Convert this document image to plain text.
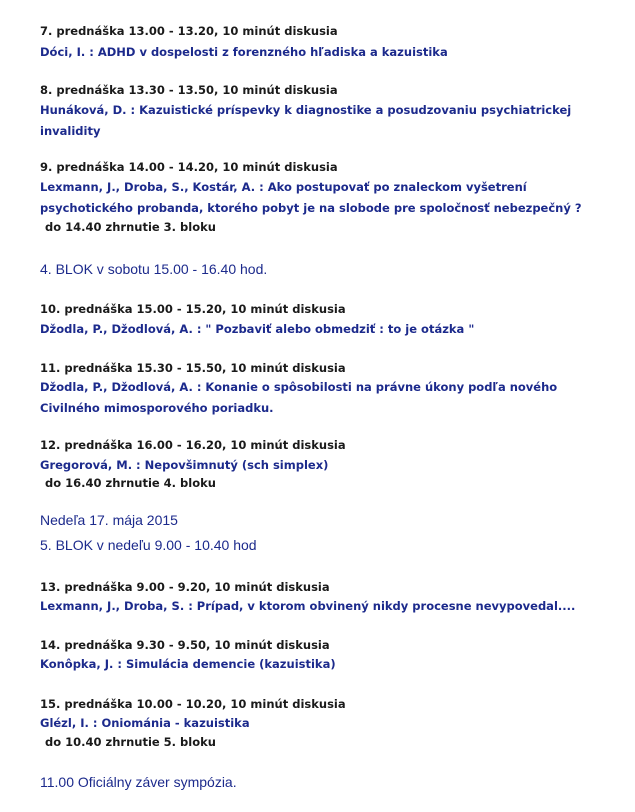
7. prednáška 13.00 - 13.20, 10 minút diskusia
Dóci, I. : ADHD v dospelosti z forenzného hľadiska a kazuistika
8. prednáška 13.30 - 13.50, 10 minút diskusia
Hunáková, D. : Kazuistické príspevky k diagnostike a posudzovaniu psychiatrickej invalidity
9. prednáška 14.00 - 14.20, 10 minút diskusia
Lexmann, J., Droba, S., Kostár, A. : Ako postupovať po znaleckom vyšetrení psychotického probanda, ktorého pobyt je na slobode pre spoločnosť nebezpečný ?
do 14.40 zhrnutie 3. bloku
4. BLOK v sobotu 15.00 - 16.40 hod.
10. prednáška 15.00 - 15.20, 10 minút diskusia
Džodla, P., Džodlová, A. : " Pozbaviť alebo obmedziť : to je otázka "
11. prednáška 15.30 - 15.50, 10 minút diskusia
Džodla, P., Džodlová, A. : Konanie o spôsobilosti na právne úkony podľa nového Civilného mimosporového poriadku.
12. prednáška 16.00 - 16.20, 10 minút diskusia
Gregorová, M. : Nepovšimnutý (sch simplex)
do 16.40 zhrnutie 4. bloku
Nedeľa 17. mája 2015
5. BLOK v nedeľu 9.00 - 10.40 hod
13. prednáška 9.00 - 9.20, 10 minút diskusia
Lexmann, J., Droba, S. : Prípad, v ktorom obvinený nikdy procesne nevypovedal....
14. prednáška 9.30 - 9.50, 10 minút diskusia
Konôpka, J. : Simulácia demencie (kazuistika)
15. prednáška 10.00 - 10.20, 10 minút diskusia
Glézl, I. : Oniománia - kazuistika
do 10.40 zhrnutie 5. bloku
11.00 Oficiálny záver sympózia.
